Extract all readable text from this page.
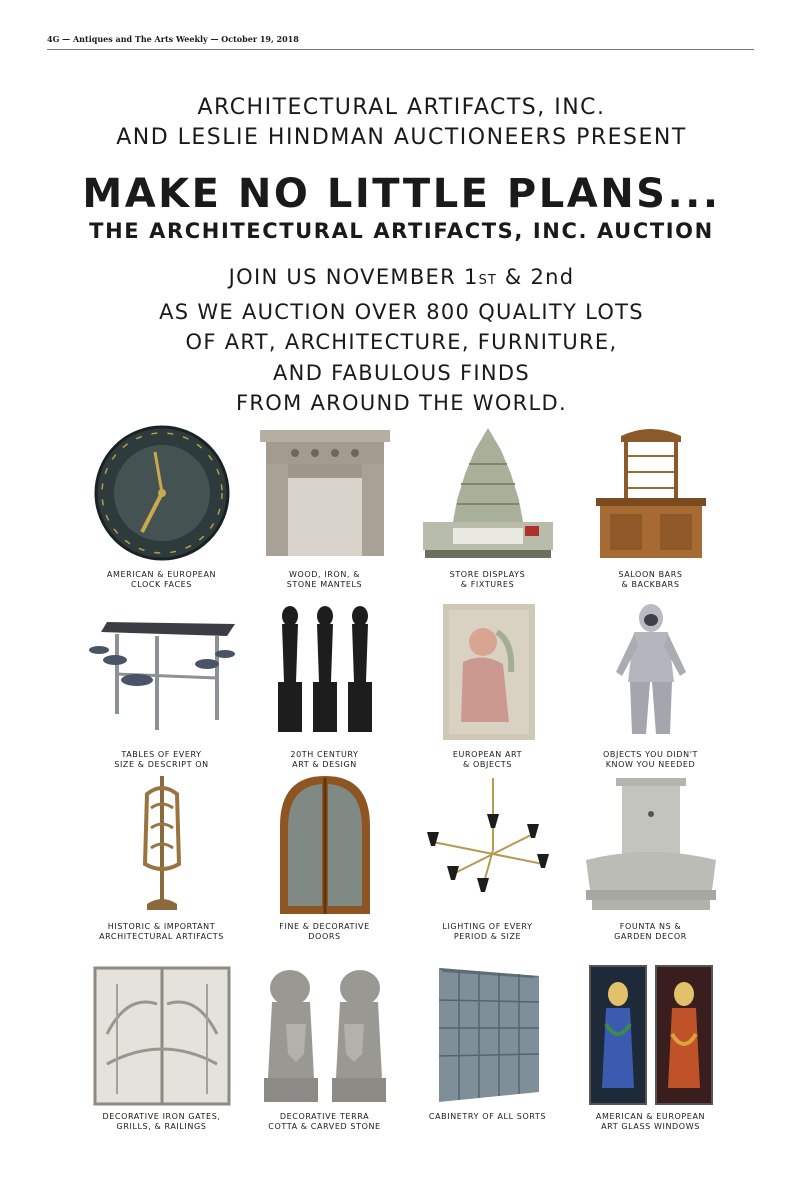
4G — Antiques and The Arts Weekly — October 19, 2018
ARCHITECTURAL ARTIFACTS, INC.
AND LESLIE HINDMAN AUCTIONEERS PRESENT
MAKE NO LITTLE PLANS...
THE ARCHITECTURAL ARTIFACTS, INC. AUCTION
JOIN US NOVEMBER 1ST & 2nd
AS WE AUCTION OVER 800 QUALITY LOTS
OF ART, ARCHITECTURE, FURNITURE,
AND FABULOUS FINDS
FROM AROUND THE WORLD.
AMERICAN & EUROPEAN
CLOCK FACES
WOOD, IRON, &
STONE MANTELS
STORE DISPLAYS
& FIXTURES
SALOON BARS
& BACKBARS
TABLES OF EVERY
SIZE & DESCRIPT ON
20TH CENTURY
ART & DESIGN
EUROPEAN ART
& OBJECTS
OBJECTS YOU DIDN'T
KNOW YOU NEEDED
HISTORIC & IMPORTANT
ARCHITECTURAL ARTIFACTS
FINE & DECORATIVE
DOORS
LIGHTING OF EVERY
PERIOD & SIZE
FOUNTA NS &
GARDEN DECOR
DECORATIVE IRON GATES,
GRILLS, & RAILINGS
DECORATIVE TERRA
COTTA & CARVED STONE
CABINETRY OF ALL SORTS	AMERICAN & EUROPEAN
ART GLASS WINDOWS
